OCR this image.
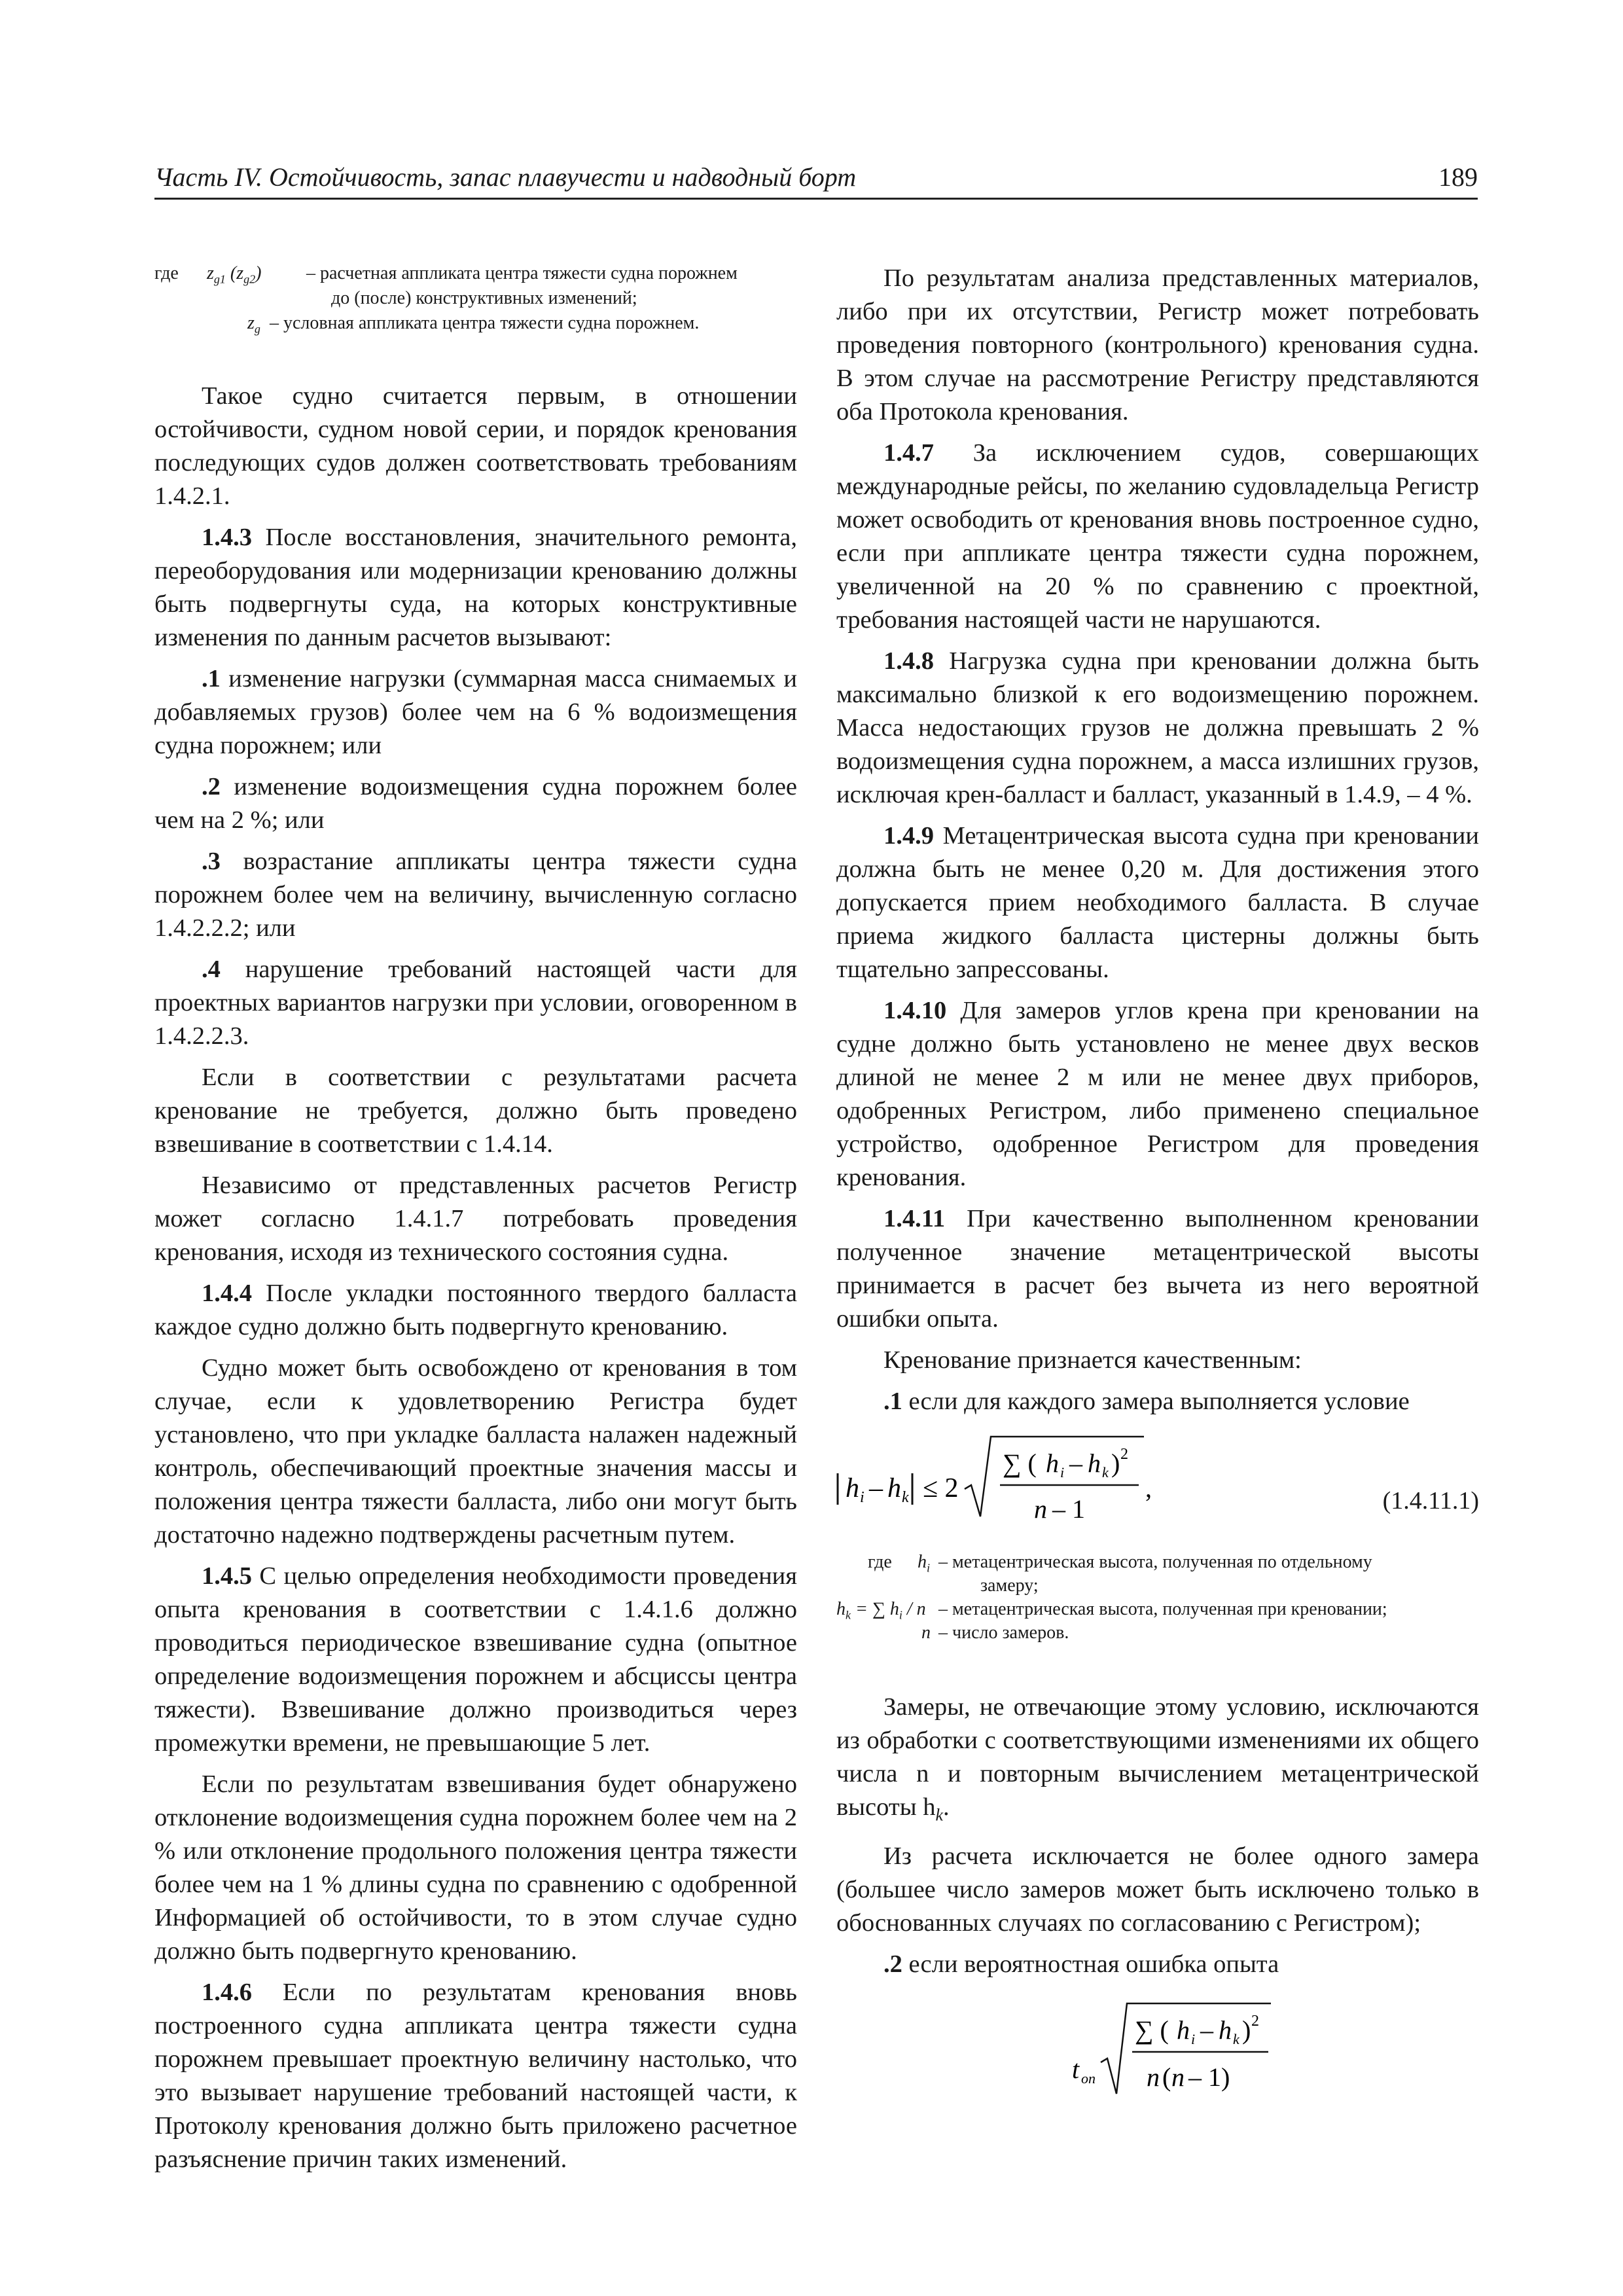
Часть IV. Остойчивость, запас плавучести и надводный борт	189
где $z_{g1}$ $(z_{g2})$ – расчетная аппликата центра тяжести судна порожнем
до (после) конструктивных изменений;
$z_g$ – условная аппликата центра тяжести судна порожнем.

Такое судно считается первым, в отношении остойчивости, судном новой серии, и порядок кренования последующих судов должен соответствовать требованиям 1.4.2.1.

1.4.3 После восстановления, значительного ремонта, переоборудования или модернизации кренованию должны быть подвергнуты суда, на которых конструктивные изменения по данным расчетов вызывают:

.1 изменение нагрузки (суммарная масса снимаемых и добавляемых грузов) более чем на 6 % водоизмещения судна порожнем; или

.2 изменение водоизмещения судна порожнем более чем на 2 %; или

.3 возрастание аппликаты центра тяжести судна порожнем более чем на величину, вычисленную согласно 1.4.2.2.2; или

.4 нарушение требований настоящей части для проектных вариантов нагрузки при условии, оговоренном в 1.4.2.2.3.

Если в соответствии с результатами расчета кренование не требуется, должно быть проведено взвешивание в соответствии с 1.4.14.

Независимо от представленных расчетов Регистр может согласно 1.4.1.7 потребовать проведения кренования, исходя из технического состояния судна.

1.4.4 После укладки постоянного твердого балласта каждое судно должно быть подвергнуто кренованию.

Судно может быть освобождено от кренования в том случае, если к удовлетворению Регистра будет установлено, что при укладке балласта налажен надежный контроль, обеспечивающий проектные значения массы и положения центра тяжести балласта, либо они могут быть достаточно надежно подтверждены расчетным путем.

1.4.5 С целью определения необходимости проведения опыта кренования в соответствии с 1.4.1.6 должно проводиться периодическое взвешивание судна (опытное определение водоизмещения порожнем и абсциссы центра тяжести). Взвешивание должно производиться через промежутки времени, не превышающие 5 лет.

Если по результатам взвешивания будет обнаружено отклонение водоизмещения судна порожнем более чем на 2 % или отклонение продольного положения центра тяжести более чем на 1 % длины судна по сравнению с одобренной Информацией об остойчивости, то в этом случае судно должно быть подвергнуто кренованию.

1.4.6 Если по результатам кренования вновь построенного судна аппликата центра тяжести судна порожнем превышает проектную величину настолько, что это вызывает нарушение требований настоящей части, к Протоколу кренования должно быть приложено расчетное разъяснение причин таких изменений.

По результатам анализа представленных материалов, либо при их отсутствии, Регистр может потребовать проведения повторного (контрольного) кренования судна. В этом случае на рассмотрение Регистру представляются оба Протокола кренования.

1.4.7 За исключением судов, совершающих международные рейсы, по желанию судовладельца Регистр может освободить от кренования вновь построенное судно, если при аппликате центра тяжести судна порожнем, увеличенной на 20 % по сравнению с проектной, требования настоящей части не нарушаются.

1.4.8 Нагрузка судна при креновании должна быть максимально близкой к его водоизмещению порожнем. Масса недостающих грузов не должна превышать 2 % водоизмещения судна порожнем, а масса излишних грузов, исключая крен-балласт и балласт, указанный в 1.4.9, – 4 %.

1.4.9 Метацентрическая высота судна при креновании должна быть не менее 0,20 м. Для достижения этого допускается прием необходимого балласта. В случае приема жидкого балласта цистерны должны быть тщательно запрессованы.

1.4.10 Для замеров углов крена при креновании на судне должно быть установлено не менее двух весков длиной не менее 2 м или не менее двух приборов, одобренных Регистром, либо применено специальное устройство, одобренное Регистром для проведения кренования.

1.4.11 При качественно выполненном креновании полученное значение метацентрической высоты принимается в расчет без вычета из него вероятной ошибки опыта.

Кренование признается качественным:

.1 если для каждого замера выполняется условие

h i – h k ≤ 2
∑ ( h i – h k ) 2
n – 1
,	(1.4.11.1)
где $h_i$ – метацентрическая высота, полученная по отдельному
замеру;
$h_k$ = ∑ $h_i$ / n – метацентрическая высота, полученная при креновании;
n – число замеров.

Замеры, не отвечающие этому условию, исключаются из обработки с соответствующими изменениями их общего числа n и повторным вычислением метацентрической высоты $h_k$.

Из расчета исключается не более одного замера (большее число замеров может быть исключено только в обоснованных случаях по согласованию с Регистром);

.2 если вероятностная ошибка опыта

t оп
∑ ( h i – h k ) 2
n ( n – 1)
